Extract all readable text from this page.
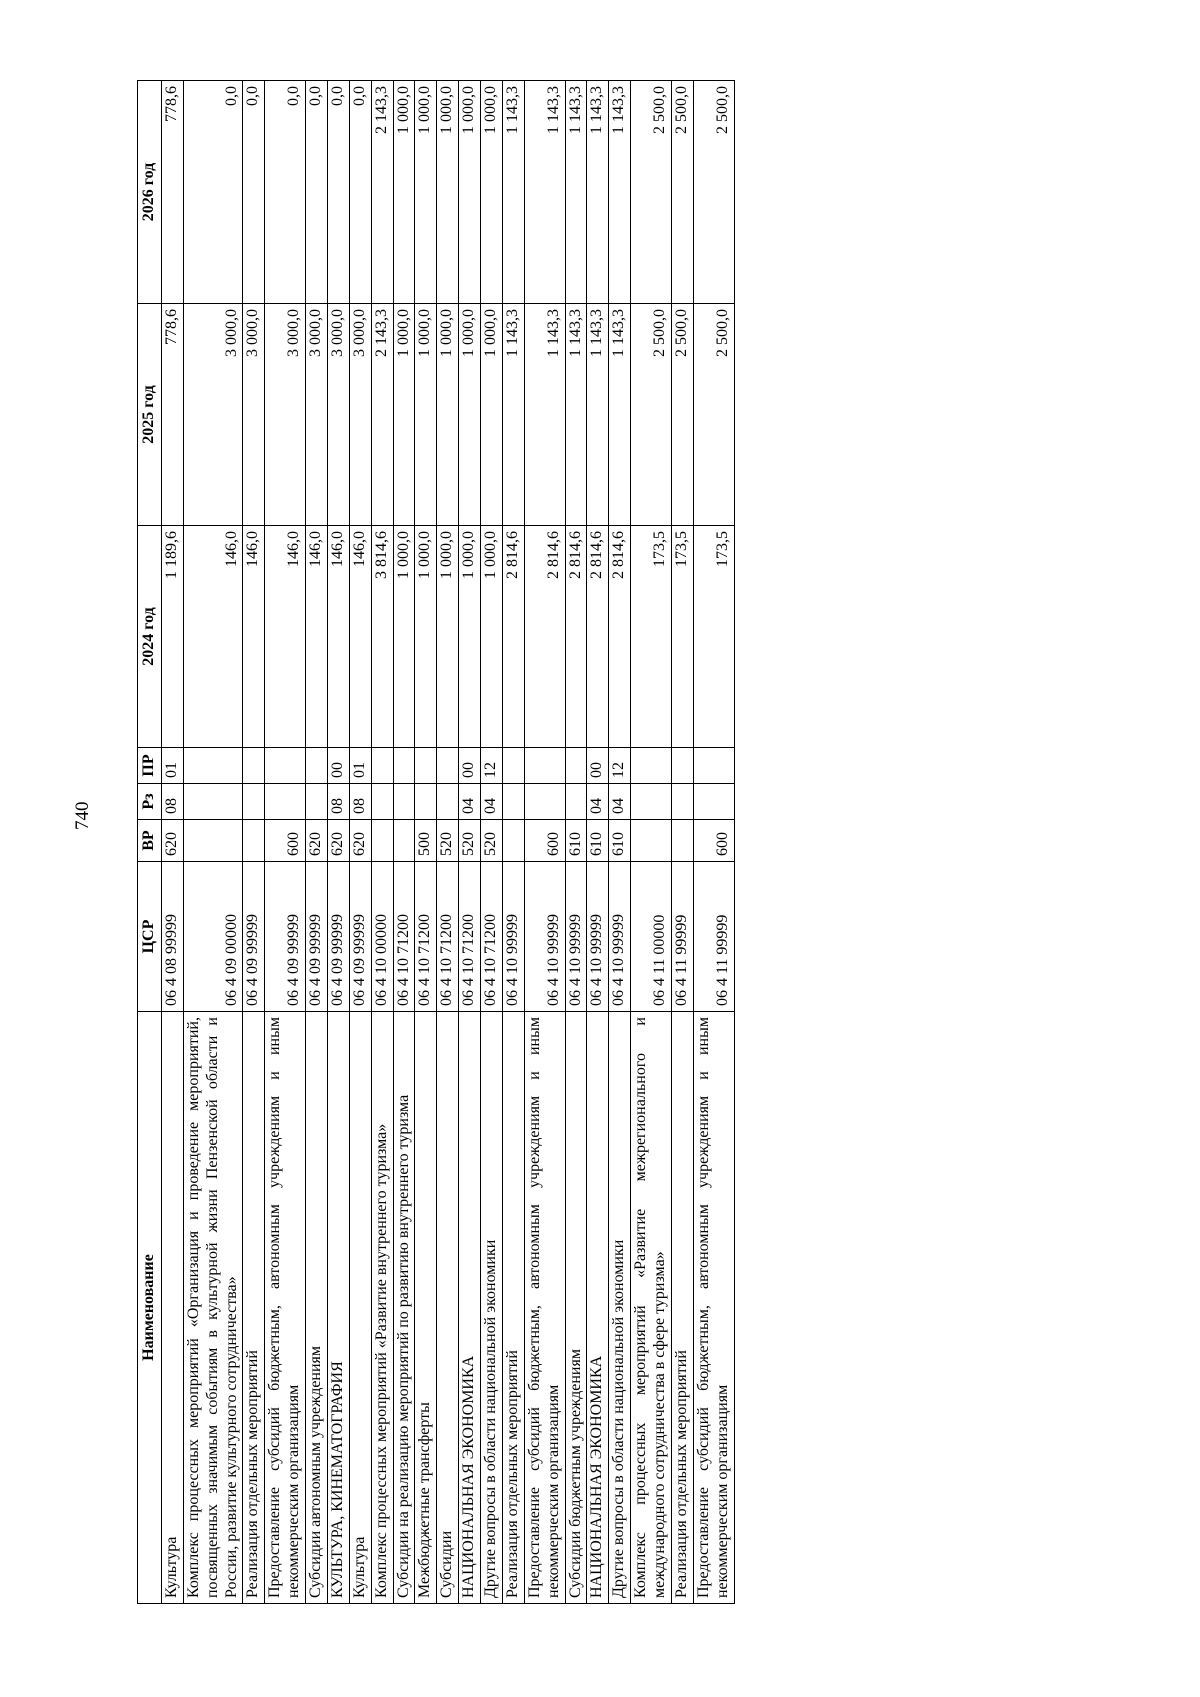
740
Наименование	ЦСР	ВР	Рз	ПР	2024 год	2025 год	2026 год
Культура	06 4 08 99999	620	08	01	1 189,6	778,6	778,6
Комплекс процессных мероприятий «Организация и проведение мероприятий, посвященных значимым событиям в культурной жизни Пензенской области и России, развитие культурного сотрудничества»	06 4 09 00000				146,0	3 000,0	0,0
Реализация отдельных мероприятий	06 4 09 99999				146,0	3 000,0	0,0
Предоставление субсидий бюджетным, автономным учреждениям и иным некоммерческим организациям	06 4 09 99999	600			146,0	3 000,0	0,0
Субсидии автономным учреждениям	06 4 09 99999	620			146,0	3 000,0	0,0
КУЛЬТУРА, КИНЕМАТОГРАФИЯ	06 4 09 99999	620	08	00	146,0	3 000,0	0,0
Культура	06 4 09 99999	620	08	01	146,0	3 000,0	0,0
Комплекс процессных мероприятий «Развитие внутреннего туризма»	06 4 10 00000				3 814,6	2 143,3	2 143,3
Субсидии на реализацию мероприятий по развитию внутреннего туризма	06 4 10 71200				1 000,0	1 000,0	1 000,0
Межбюджетные трансферты	06 4 10 71200	500			1 000,0	1 000,0	1 000,0
Субсидии	06 4 10 71200	520			1 000,0	1 000,0	1 000,0
НАЦИОНАЛЬНАЯ ЭКОНОМИКА	06 4 10 71200	520	04	00	1 000,0	1 000,0	1 000,0
Другие вопросы в области национальной экономики	06 4 10 71200	520	04	12	1 000,0	1 000,0	1 000,0
Реализация отдельных мероприятий	06 4 10 99999				2 814,6	1 143,3	1 143,3
Предоставление субсидий бюджетным, автономным учреждениям и иным некоммерческим организациям	06 4 10 99999	600			2 814,6	1 143,3	1 143,3
Субсидии бюджетным учреждениям	06 4 10 99999	610			2 814,6	1 143,3	1 143,3
НАЦИОНАЛЬНАЯ ЭКОНОМИКА	06 4 10 99999	610	04	00	2 814,6	1 143,3	1 143,3
Другие вопросы в области национальной экономики	06 4 10 99999	610	04	12	2 814,6	1 143,3	1 143,3
Комплекс процессных мероприятий «Развитие межрегионального и международного сотрудничества в сфере туризма»	06 4 11 00000				173,5	2 500,0	2 500,0
Реализация отдельных мероприятий	06 4 11 99999				173,5	2 500,0	2 500,0
Предоставление субсидий бюджетным, автономным учреждениям и иным некоммерческим организациям	06 4 11 99999	600			173,5	2 500,0	2 500,0
